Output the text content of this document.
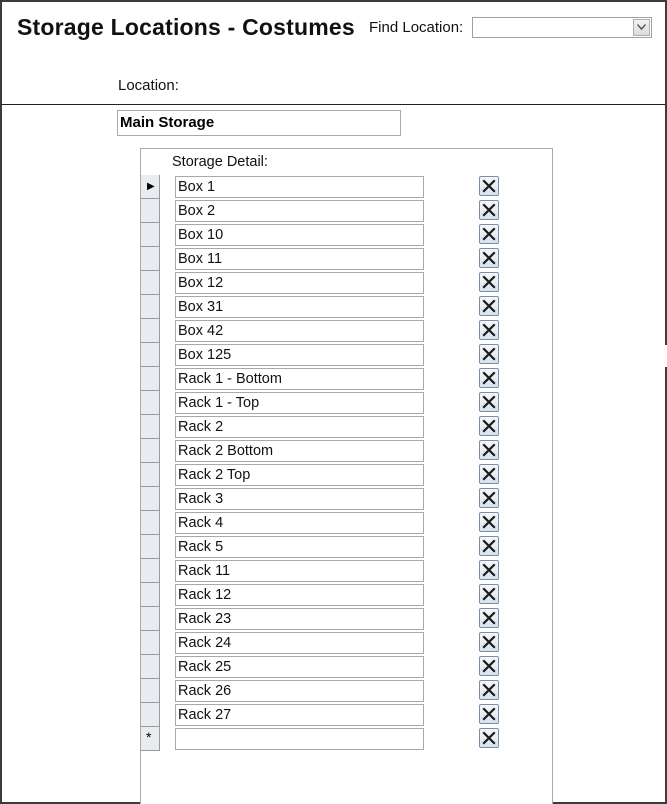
Storage Locations - Costumes Find Location:
Location:
Main Storage
Storage Detail:
▶ Box 1
Box 2
Box 10
Box 11
Box 12
Box 31
Box 42
Box 125
Rack 1 - Bottom
Rack 1 - Top
Rack 2
Rack 2 Bottom
Rack 2 Top
Rack 3
Rack 4
Rack 5
Rack 11
Rack 12
Rack 23
Rack 24
Rack 25
Rack 26
Rack 27
*
